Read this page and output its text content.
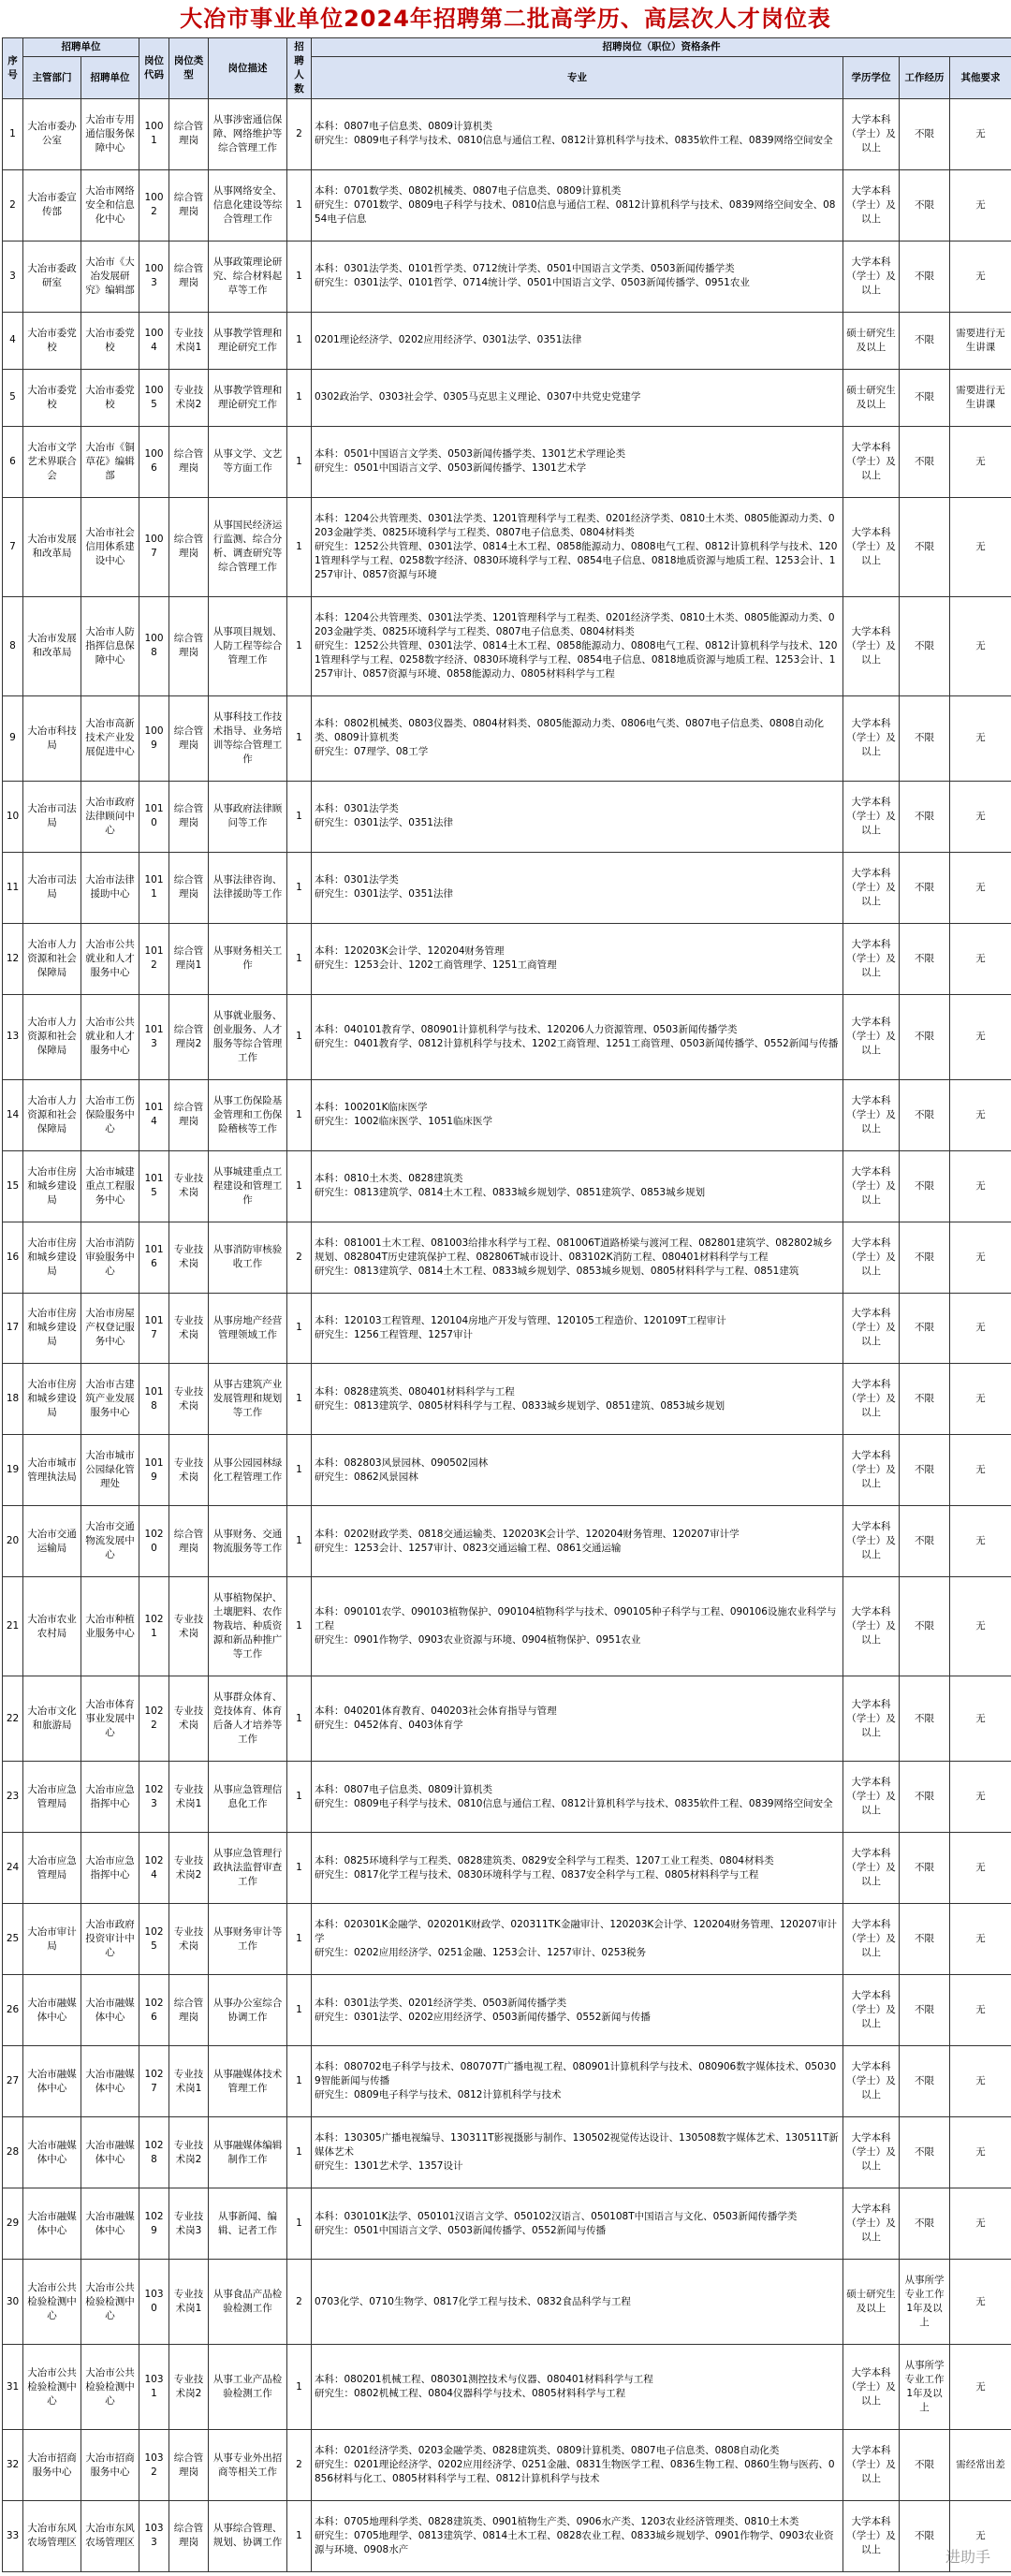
大冶市事业单位2024年招聘第二批高学历、高层次人才岗位表
序号	招聘单位		岗位代码	岗位类型	岗位描述	招聘人数	招聘岗位（职位）资格条件			
	主管部门	招聘单位					专业	学历学位	工作经历	其他要求

1	大冶市委办公室	大冶市专用通信服务保障中心	1001	综合管理岗	从事涉密通信保障、网络维护等综合管理工作	2	本科：0807电子信息类、0809计算机类
研究生：0809电子科学与技术、0810信息与通信工程、0812计算机科学与技术、0835软件工程、0839网络空间安全	大学本科（学士）及以上	不限	无
2	大冶市委宣传部	大冶市网络安全和信息化中心	1002	综合管理岗	从事网络安全、信息化建设等综合管理工作	1	本科：0701数学类、0802机械类、0807电子信息类、0809计算机类
研究生：0701数学、0809电子科学与技术、0810信息与通信工程、0812计算机科学与技术、0839网络空间安全、0854电子信息	大学本科（学士）及以上	不限	无
3	大冶市委政研室	大冶市《大冶发展研究》编辑部	1003	综合管理岗	从事政策理论研究、综合材料起草等工作	1	本科：0301法学类、0101哲学类、0712统计学类、0501中国语言文学类、0503新闻传播学类
研究生：0301法学、0101哲学、0714统计学、0501中国语言文学、0503新闻传播学、0951农业	大学本科（学士）及以上	不限	无
4	大冶市委党校	大冶市委党校	1004	专业技术岗1	从事教学管理和理论研究工作	1	0201理论经济学、0202应用经济学、0301法学、0351法律	硕士研究生及以上	不限	需要进行无生讲课
5	大冶市委党校	大冶市委党校	1005	专业技术岗2	从事教学管理和理论研究工作	1	0302政治学、0303社会学、0305马克思主义理论、0307中共党史党建学	硕士研究生及以上	不限	需要进行无生讲课
6	大冶市文学艺术界联合会	大冶市《铜草花》编辑部	1006	综合管理岗	从事文学、文艺等方面工作	1	本科：0501中国语言文学类、0503新闻传播学类、1301艺术学理论类
研究生：0501中国语言文学、0503新闻传播学、1301艺术学	大学本科（学士）及以上	不限	无
7	大冶市发展和改革局	大冶市社会信用体系建设中心	1007	综合管理岗	从事国民经济运行监测、综合分析、调查研究等综合管理工作	1	本科：1204公共管理类、0301法学类、1201管理科学与工程类、0201经济学类、0810土木类、0805能源动力类、0203金融学类、0825环境科学与工程类、0807电子信息类、0804材料类
研究生：1252公共管理、0301法学、0814土木工程、0858能源动力、0808电气工程、0812计算机科学与技术、1201管理科学与工程、0258数字经济、0830环境科学与工程、0854电子信息、0818地质资源与地质工程、1253会计、1257审计、0857资源与环境	大学本科（学士）及以上	不限	无
8	大冶市发展和改革局	大冶市人防指挥信息保障中心	1008	综合管理岗	从事项目规划、人防工程等综合管理工作	1	本科：1204公共管理类、0301法学类、1201管理科学与工程类、0201经济学类、0810土木类、0805能源动力类、0203金融学类、0825环境科学与工程类、0807电子信息类、0804材料类
研究生：1252公共管理、0301法学、0814土木工程、0858能源动力、0808电气工程、0812计算机科学与技术、1201管理科学与工程、0258数字经济、0830环境科学与工程、0854电子信息、0818地质资源与地质工程、1253会计、1257审计、0857资源与环境、0858能源动力、0805材料科学与工程	大学本科（学士）及以上	不限	无
9	大冶市科技局	大冶市高新技术产业发展促进中心	1009	综合管理岗	从事科技工作技术指导、业务培训等综合管理工作	1	本科：0802机械类、0803仪器类、0804材料类、0805能源动力类、0806电气类、0807电子信息类、0808自动化类、0809计算机类
研究生：07理学、08工学	大学本科（学士）及以上	不限	无
10	大冶市司法局	大冶市政府法律顾问中心	1010	综合管理岗	从事政府法律顾问等工作	1	本科：0301法学类
研究生：0301法学、0351法律	大学本科（学士）及以上	不限	无
11	大冶市司法局	大冶市法律援助中心	1011	综合管理岗	从事法律咨询、法律援助等工作	1	本科：0301法学类
研究生：0301法学、0351法律	大学本科（学士）及以上	不限	无
12	大冶市人力资源和社会保障局	大冶市公共就业和人才服务中心	1012	综合管理岗1	从事财务相关工作	1	本科：120203K会计学、120204财务管理
研究生：1253会计、1202工商管理学、1251工商管理	大学本科（学士）及以上	不限	无
13	大冶市人力资源和社会保障局	大冶市公共就业和人才服务中心	1013	综合管理岗2	从事就业服务、创业服务、人才服务等综合管理工作	1	本科：040101教育学、080901计算机科学与技术、120206人力资源管理、0503新闻传播学类
研究生：0401教育学、0812计算机科学与技术、1202工商管理、1251工商管理、0503新闻传播学、0552新闻与传播	大学本科（学士）及以上	不限	无
14	大冶市人力资源和社会保障局	大冶市工伤保险服务中心	1014	综合管理岗	从事工伤保险基金管理和工伤保险稽核等工作	1	本科：100201K临床医学
研究生：1002临床医学、1051临床医学	大学本科（学士）及以上	不限	无
15	大冶市住房和城乡建设局	大冶市城建重点工程服务中心	1015	专业技术岗	从事城建重点工程建设和管理工作	1	本科：0810土木类、0828建筑类
研究生：0813建筑学、0814土木工程、0833城乡规划学、0851建筑学、0853城乡规划	大学本科（学士）及以上	不限	无
16	大冶市住房和城乡建设局	大冶市消防审验服务中心	1016	专业技术岗	从事消防审核验收工作	2	本科：081001土木工程、081003给排水科学与工程、081006T道路桥梁与渡河工程、082801建筑学、082802城乡规划、082804T历史建筑保护工程、082806T城市设计、083102K消防工程、080401材料科学与工程
研究生：0813建筑学、0814土木工程、0833城乡规划学、0853城乡规划、0805材料科学与工程、0851建筑	大学本科（学士）及以上	不限	无
17	大冶市住房和城乡建设局	大冶市房屋产权登记服务中心	1017	专业技术岗	从事房地产经营管理领域工作	1	本科：120103工程管理、120104房地产开发与管理、120105工程造价、120109T工程审计
研究生：1256工程管理、1257审计	大学本科（学士）及以上	不限	无
18	大冶市住房和城乡建设局	大冶市古建筑产业发展服务中心	1018	专业技术岗	从事古建筑产业发展管理和规划等工作	1	本科：0828建筑类、080401材料科学与工程
研究生：0813建筑学、0805材料科学与工程、0833城乡规划学、0851建筑、0853城乡规划	大学本科（学士）及以上	不限	无
19	大冶市城市管理执法局	大冶市城市公园绿化管理处	1019	专业技术岗	从事公园园林绿化工程管理工作	1	本科：082803风景园林、090502园林
研究生：0862风景园林	大学本科（学士）及以上	不限	无
20	大冶市交通运输局	大冶市交通物流发展中心	1020	综合管理岗	从事财务、交通物流服务等工作	1	本科：0202财政学类、0818交通运输类、120203K会计学、120204财务管理、120207审计学
研究生：1253会计、1257审计、0823交通运输工程、0861交通运输	大学本科（学士）及以上	不限	无
21	大冶市农业农村局	大冶市种植业服务中心	1021	专业技术岗	从事植物保护、土壤肥料、农作物栽培、种质资源和新品种推广等工作	1	本科：090101农学、090103植物保护、090104植物科学与技术、090105种子科学与工程、090106设施农业科学与工程
研究生：0901作物学、0903农业资源与环境、0904植物保护、0951农业	大学本科（学士）及以上	不限	无
22	大冶市文化和旅游局	大冶市体育事业发展中心	1022	专业技术岗	从事群众体育、竞技体育、体育后备人才培养等工作	1	本科：040201体育教育、040203社会体育指导与管理
研究生：0452体育、0403体育学	大学本科（学士）及以上	不限	无
23	大冶市应急管理局	大冶市应急指挥中心	1023	专业技术岗1	从事应急管理信息化工作	1	本科：0807电子信息类、0809计算机类
研究生：0809电子科学与技术、0810信息与通信工程、0812计算机科学与技术、0835软件工程、0839网络空间安全	大学本科（学士）及以上	不限	无
24	大冶市应急管理局	大冶市应急指挥中心	1024	专业技术岗2	从事应急管理行政执法监督审查工作	1	本科：0825环境科学与工程类、0828建筑类、0829安全科学与工程类、1207工业工程类、0804材料类
研究生：0817化学工程与技术、0830环境科学与工程、0837安全科学与工程、0805材料科学与工程	大学本科（学士）及以上	不限	无
25	大冶市审计局	大冶市政府投资审计中心	1025	专业技术岗	从事财务审计等工作	1	本科：020301K金融学、020201K财政学、020311TK金融审计、120203K会计学、120204财务管理、120207审计学
研究生：0202应用经济学、0251金融、1253会计、1257审计、0253税务	大学本科（学士）及以上	不限	无
26	大冶市融媒体中心	大冶市融媒体中心	1026	综合管理岗	从事办公室综合协调工作	1	本科：0301法学类、0201经济学类、0503新闻传播学类
研究生：0301法学、0202应用经济学、0503新闻传播学、0552新闻与传播	大学本科（学士）及以上	不限	无
27	大冶市融媒体中心	大冶市融媒体中心	1027	专业技术岗1	从事融媒体技术管理工作	1	本科：080702电子科学与技术、080707T广播电视工程、080901计算机科学与技术、080906数字媒体技术、050309智能新闻与传播
研究生：0809电子科学与技术、0812计算机科学与技术	大学本科（学士）及以上	不限	无
28	大冶市融媒体中心	大冶市融媒体中心	1028	专业技术岗2	从事融媒体编辑制作工作	1	本科：130305广播电视编导、130311T影视摄影与制作、130502视觉传达设计、130508数字媒体艺术、130511T新媒体艺术
研究生：1301艺术学、1357设计	大学本科（学士）及以上	不限	无
29	大冶市融媒体中心	大冶市融媒体中心	1029	专业技术岗3	从事新闻、编辑、记者工作	1	本科：030101K法学、050101汉语言文学、050102汉语言、050108T中国语言与文化、0503新闻传播学类
研究生：0501中国语言文学、0503新闻传播学、0552新闻与传播	大学本科（学士）及以上	不限	无
30	大冶市公共检验检测中心	大冶市公共检验检测中心	1030	专业技术岗1	从事食品产品检验检测工作	2	0703化学、0710生物学、0817化学工程与技术、0832食品科学与工程	硕士研究生及以上	从事所学专业工作1年及以上	无
31	大冶市公共检验检测中心	大冶市公共检验检测中心	1031	专业技术岗2	从事工业产品检验检测工作	1	本科：080201机械工程、080301测控技术与仪器、080401材料科学与工程
研究生：0802机械工程、0804仪器科学与技术、0805材料科学与工程	大学本科（学士）及以上	从事所学专业工作1年及以上	无
32	大冶市招商服务中心	大冶市招商服务中心	1032	综合管理岗	从事专业外出招商等相关工作	2	本科：0201经济学类、0203金融学类、0828建筑类、0809计算机类、0807电子信息类、0808自动化类
研究生：0201理论经济学、0202应用经济学、0251金融、0831生物医学工程、0836生物工程、0860生物与医药、0856材料与化工、0805材料科学与工程、0812计算机科学与技术	大学本科（学士）及以上	不限	需经常出差
33	大冶市东风农场管理区	大冶市东风农场管理区	1033	综合管理岗	从事综合管理、规划、协调工作	1	本科：0705地理科学类、0828建筑类、0901植物生产类、0906水产类、1203农业经济管理类、0810土木类
研究生：0705地理学、0813建筑学、0814土木工程、0828农业工程、0833城乡规划学、0901作物学、0903农业资源与环境、0908水产	大学本科（学士）及以上	不限	无
进助手
